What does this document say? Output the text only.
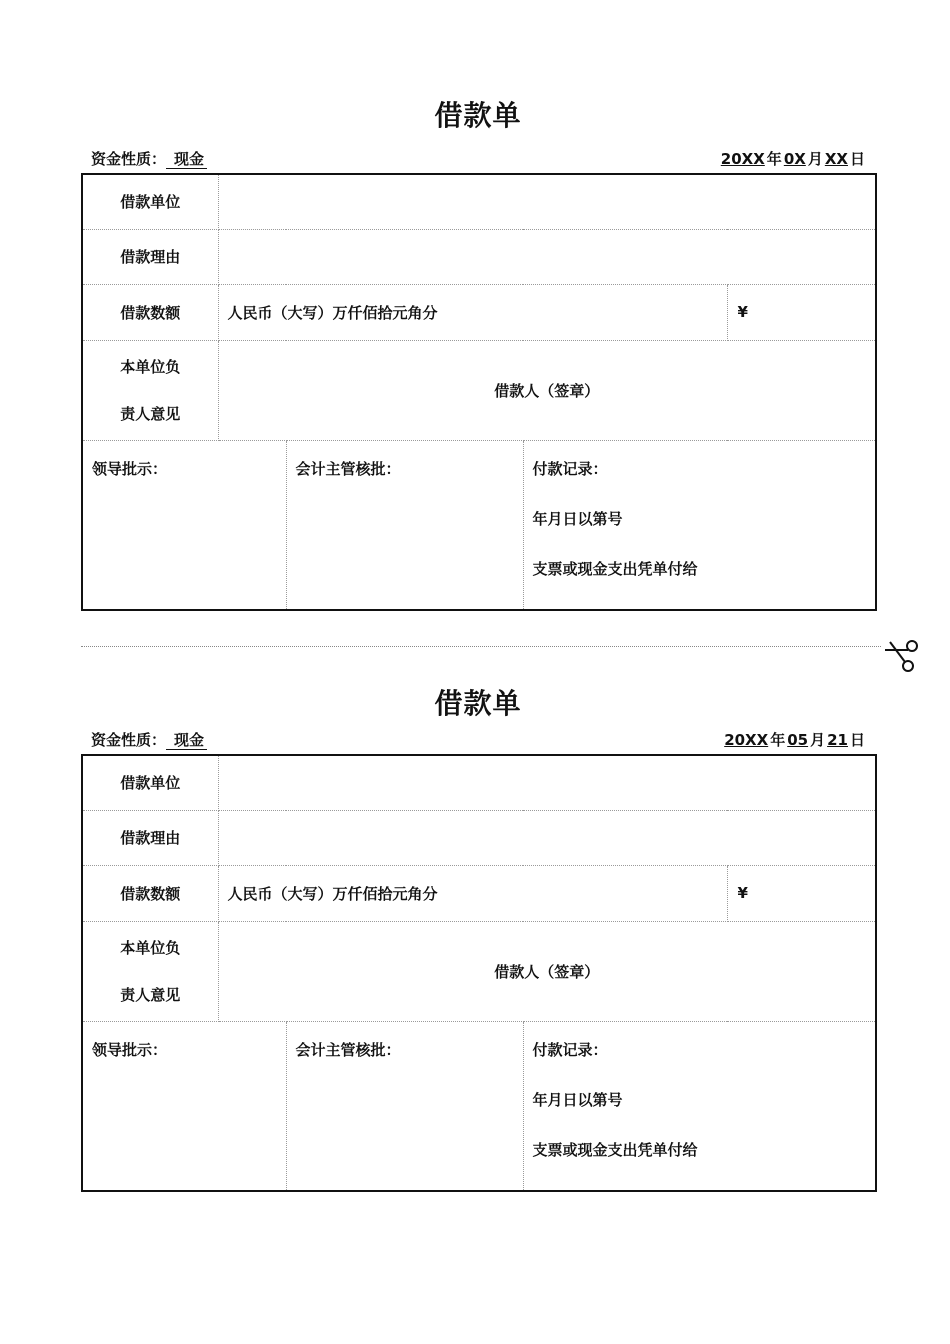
借款单
资金性质： 现金	20XX 年 0X 月 XX 日
借款单位				
借款理由				
借款数额	人民币（大写）万仟佰拾元角分			¥

本单位负
责人意见	借款人（签章）			

领导批示：		会计主管核批：	付款记录：
年月日以第号
支票或现金支出凭单付给	
借款单
资金性质： 现金	20XX 年 05 月 21 日
借款单位				
借款理由				
借款数额	人民币（大写）万仟佰拾元角分			¥

本单位负
责人意见	借款人（签章）			

领导批示：		会计主管核批：	付款记录：
年月日以第号
支票或现金支出凭单付给	
